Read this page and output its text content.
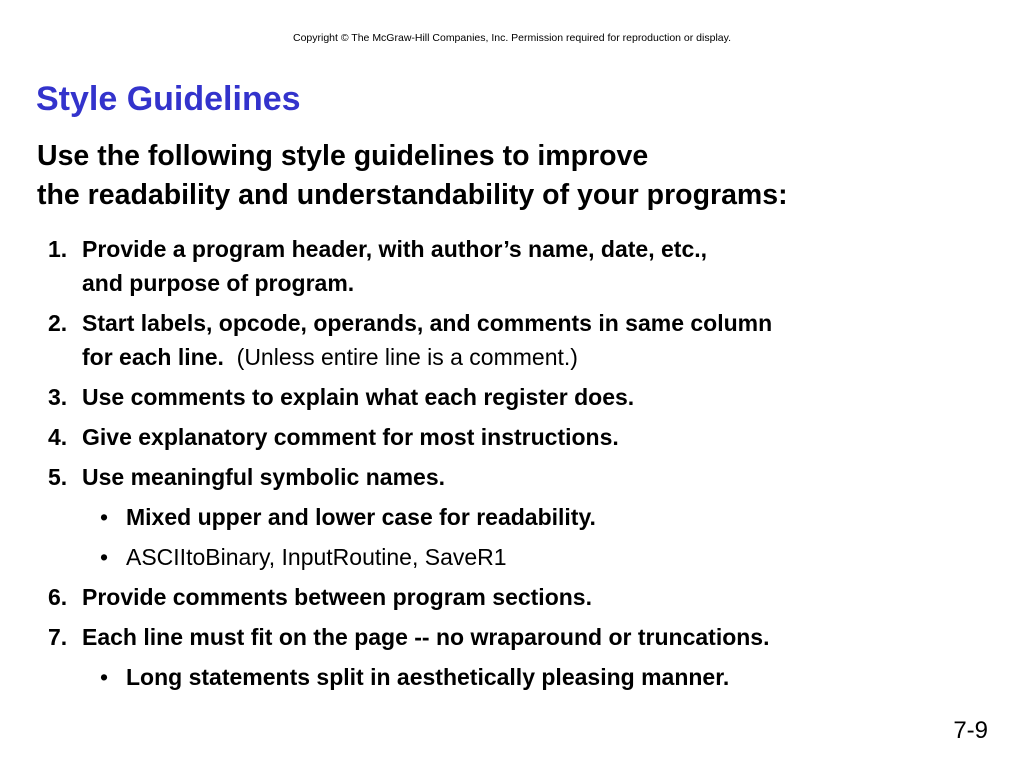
Copyright © The McGraw-Hill Companies, Inc. Permission required for reproduction or display.
Style Guidelines
Use the following style guidelines to improve
the readability and understandability of your programs:
1. Provide a program header, with author’s name, date, etc.,
and purpose of program.
2. Start labels, opcode, operands, and comments in same column
for each line.  (Unless entire line is a comment.)
3. Use comments to explain what each register does.
4. Give explanatory comment for most instructions.
5. Use meaningful symbolic names.
• Mixed upper and lower case for readability.
• ASCIItoBinary, InputRoutine, SaveR1
6. Provide comments between program sections.
7. Each line must fit on the page -- no wraparound or truncations.
• Long statements split in aesthetically pleasing manner.
7-9
